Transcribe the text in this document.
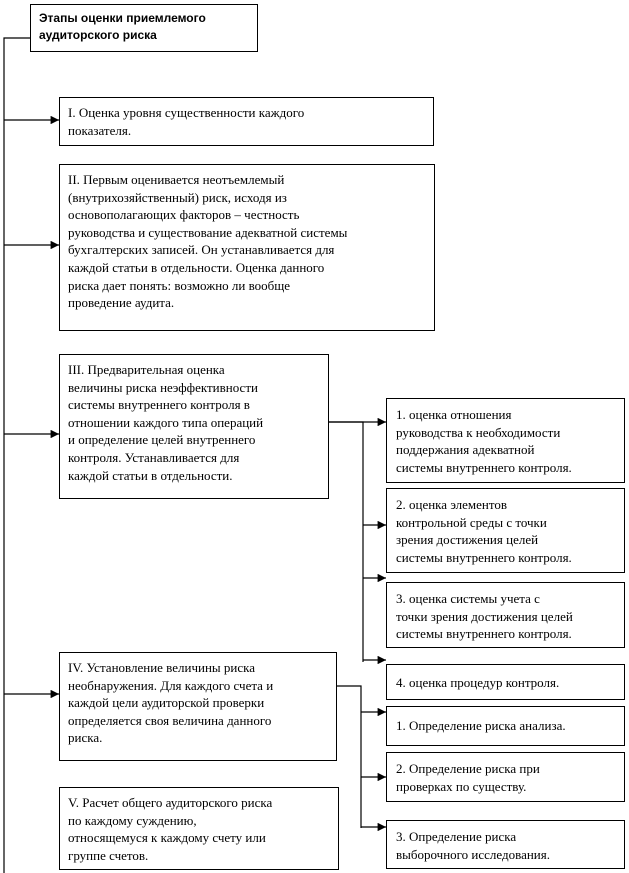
Этапы оценки приемлемого
аудиторского риска
I. Оценка уровня существенности каждого
показателя.
II. Первым оценивается неотъемлемый
(внутрихозяйственный) риск, исходя из
основополагающих факторов – честность
руководства и существование адекватной системы
бухгалтерских записей. Он устанавливается для
каждой статьи в отдельности. Оценка данного
риска дает понять: возможно ли вообще
проведение аудита.
III. Предварительная оценка
величины риска неэффективности
системы внутреннего контроля в
отношении каждого типа операций
и определение целей внутреннего
контроля. Устанавливается для
каждой статьи в отдельности.
IV. Установление величины риска
необнаружения. Для каждого счета и
каждой цели аудиторской проверки
определяется своя величина данного
риска.
V. Расчет общего аудиторского риска
по каждому суждению,
относящемуся к каждому счету или
группе счетов.
1. оценка отношения
руководства к необходимости
поддержания адекватной
системы внутреннего контроля.
2. оценка элементов
контрольной среды с точки
зрения достижения целей
системы внутреннего контроля.
3. оценка системы учета с
точки зрения достижения целей
системы внутреннего контроля.
4. оценка процедур контроля.
1. Определение риска анализа.
2. Определение риска при
проверках по существу.
3. Определение риска
выборочного исследования.
